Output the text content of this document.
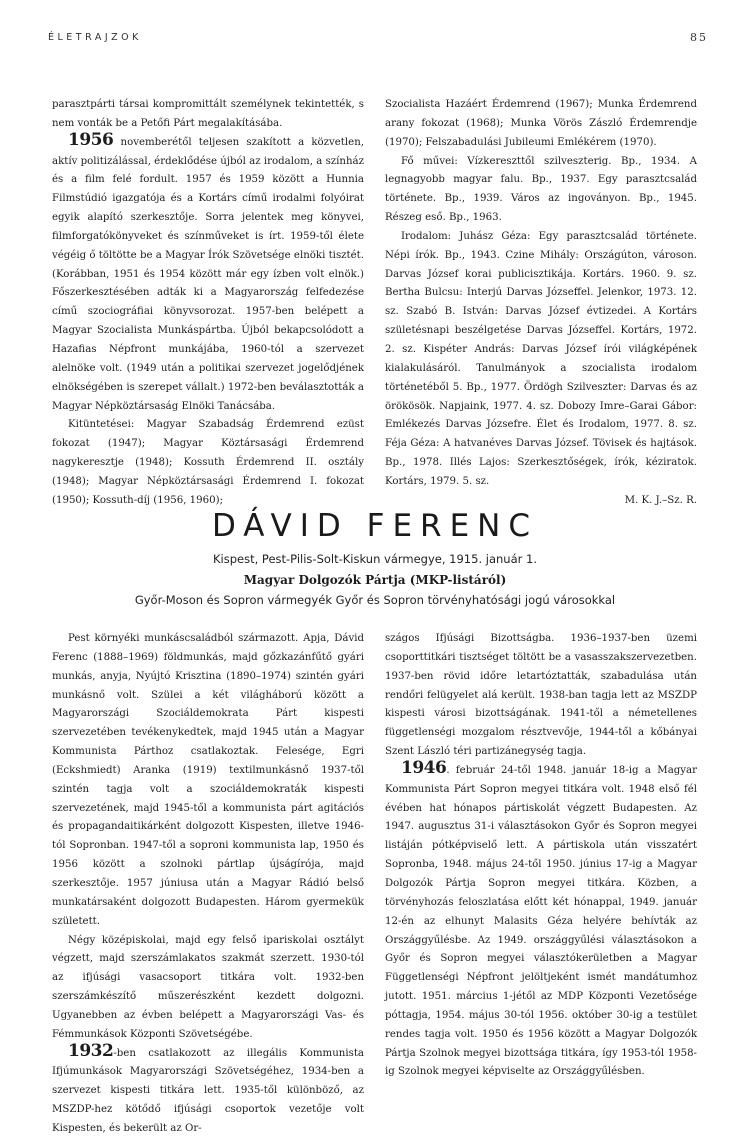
ÉLETRAJZOK	85

parasztpárti társai kompromittált személynek tekintették, s nem vonták be a Petőfi Párt megalakításába.

1956 novemberétől teljesen szakított a közvetlen, aktív politizálással, érdeklődése újból az irodalom, a színház és a film felé fordult. 1957 és 1959 között a Hunnia Filmstúdió igazgatója és a Kortárs című irodalmi folyóirat egyik alapító szerkesztője. Sorra jelentek meg könyvei, filmforgatókönyveket és színműveket is írt. 1959-től élete végéig ő töltötte be a Magyar Írók Szövetsége elnöki tisztét. (Korábban, 1951 és 1954 között már egy ízben volt elnök.) Főszerkesztésében adták ki a Magyarország felfedezése című szociográfiai könyvsorozat. 1957-ben belépett a Magyar Szocialista Munkáspártba. Újból bekapcsolódott a Hazafias Népfront munkájába, 1960-tól a szervezet alelnöke volt. (1949 után a politikai szervezet jogelődjének elnökségében is szerepet vállalt.) 1972-ben beválasztották a Magyar Népköztársaság Elnöki Tanácsába.

Kitüntetései: Magyar Szabadság Érdemrend ezüst fokozat (1947); Magyar Köztársasági Érdemrend nagykeresztje (1948); Kossuth Érdemrend II. osztály (1948); Magyar Népköztársasági Érdemrend I. fokozat (1950); Kossuth-díj (1956, 1960);

Szocialista Hazáért Érdemrend (1967); Munka Érdemrend arany fokozat (1968); Munka Vörös Zászló Érdemrendje (1970); Felszabadulási Jubileumi Emlékérem (1970).

Fő művei: Vízkereszttől szilveszterig. Bp., 1934. A legnagyobb magyar falu. Bp., 1937. Egy parasztcsalád története. Bp., 1939. Város az ingoványon. Bp., 1945. Részeg eső. Bp., 1963.

Irodalom: Juhász Géza: Egy parasztcsalád története. Népi írók. Bp., 1943. Czine Mihály: Országúton, városon. Darvas József korai publicisztikája. Kortárs. 1960. 9. sz. Bertha Bulcsu: Interjú Darvas Józseffel. Jelenkor, 1973. 12. sz. Szabó B. István: Darvas József évtizedei. A Kortárs születésnapi beszélgetése Darvas Józseffel. Kortárs, 1972. 2. sz. Kispéter András: Darvas József írói világképének kialakulásáról. Tanulmányok a szocialista irodalom történetéből 5. Bp., 1977. Ördögh Szilveszter: Darvas és az örökösök. Napjaink, 1977. 4. sz. Dobozy Imre–Garai Gábor: Emlékezés Darvas Józsefre. Élet és Irodalom, 1977. 8. sz. Féja Géza: A hatvanéves Darvas József. Tövisek és hajtások. Bp., 1978. Illés Lajos: Szerkesztőségek, írók, kéziratok. Kortárs, 1979. 5. sz.

M. K. J.–Sz. R.

DÁVID FERENC

Kispest, Pest-Pilis-Solt-Kiskun vármegye, 1915. január 1.

Magyar Dolgozók Pártja (MKP-listáról)

Győr-Moson és Sopron vármegyék Győr és Sopron törvényhatósági jogú városokkal

Pest környéki munkáscsaládból származott. Apja, Dávid Ferenc (1888–1969) földmunkás, majd gőzkazánfűtő gyári munkás, anyja, Nyújtó Krisztina (1890–1974) szintén gyári munkásnő volt. Szülei a két világháború között a Magyarországi Szociáldemokrata Párt kispesti szervezetében tevékenykedtek, majd 1945 után a Magyar Kommunista Párthoz csatlakoztak. Felesége, Egri (Eckshmiedt) Aranka (1919) textilmunkásnő 1937-től szintén tagja volt a szociáldemokraták kispesti szervezetének, majd 1945-től a kommunista párt agitációs és propagandaitikárként dolgozott Kispesten, illetve 1946-tól Sopronban. 1947-től a soproni kommunista lap, 1950 és 1956 között a szolnoki pártlap újságírója, majd szerkesztője. 1957 júniusa után a Magyar Rádió belső munkatársaként dolgozott Budapesten. Három gyermekük született.

Négy középiskolai, majd egy felső ipariskolai osztályt végzett, majd szerszámlakatos szakmát szerzett. 1930-tól az ifjúsági vasacsoport titkára volt. 1932-ben szerszámkészítő műszerészként kezdett dolgozni. Ugyanebben az évben belépett a Magyarországi Vas- és Fémmunkások Központi Szövetségébe.

1932-ben csatlakozott az illegális Kommunista Ifjúmunkások Magyarországi Szövetségéhez, 1934-ben a szervezet kispesti titkára lett. 1935-től különböző, az MSZDP-hez kötődő ifjúsági csoportok vezetője volt Kispesten, és bekerült az Or-

szágos Ifjúsági Bizottságba. 1936–1937-ben üzemi csoporttitkári tisztséget töltött be a vasasszakszervezetben. 1937-ben rövid időre letartóztatták, szabadulása után rendőri felügyelet alá került. 1938-ban tagja lett az MSZDP kispesti városi bizottságának. 1941-től a németellenes függetlenségi mozgalom résztvevője, 1944-től a kőbányai Szent László téri partizánegység tagja.

1946. február 24-től 1948. január 18-ig a Magyar Kommunista Párt Sopron megyei titkára volt. 1948 első fél évében hat hónapos pártiskolát végzett Budapesten. Az 1947. augusztus 31-i választásokon Győr és Sopron megyei listáján pótképviselő lett. A pártiskola után visszatért Sopronba, 1948. május 24-től 1950. június 17-ig a Magyar Dolgozók Pártja Sopron megyei titkára. Közben, a törvényhozás feloszlatása előtt két hónappal, 1949. január 12-én az elhunyt Malasits Géza helyére behívták az Országgyűlésbe. Az 1949. országgyűlési választásokon a Győr és Sopron megyei választókerületben a Magyar Függetlenségi Népfront jelöltjeként ismét mandátumhoz jutott. 1951. március 1-jétől az MDP Központi Vezetősége póttagja, 1954. május 30-tól 1956. október 30-ig a testület rendes tagja volt. 1950 és 1956 között a Magyar Dolgozók Pártja Szolnok megyei bizottsága titkára, így 1953-tól 1958-ig Szolnok megyei képviselte az Országgyűlésben.
